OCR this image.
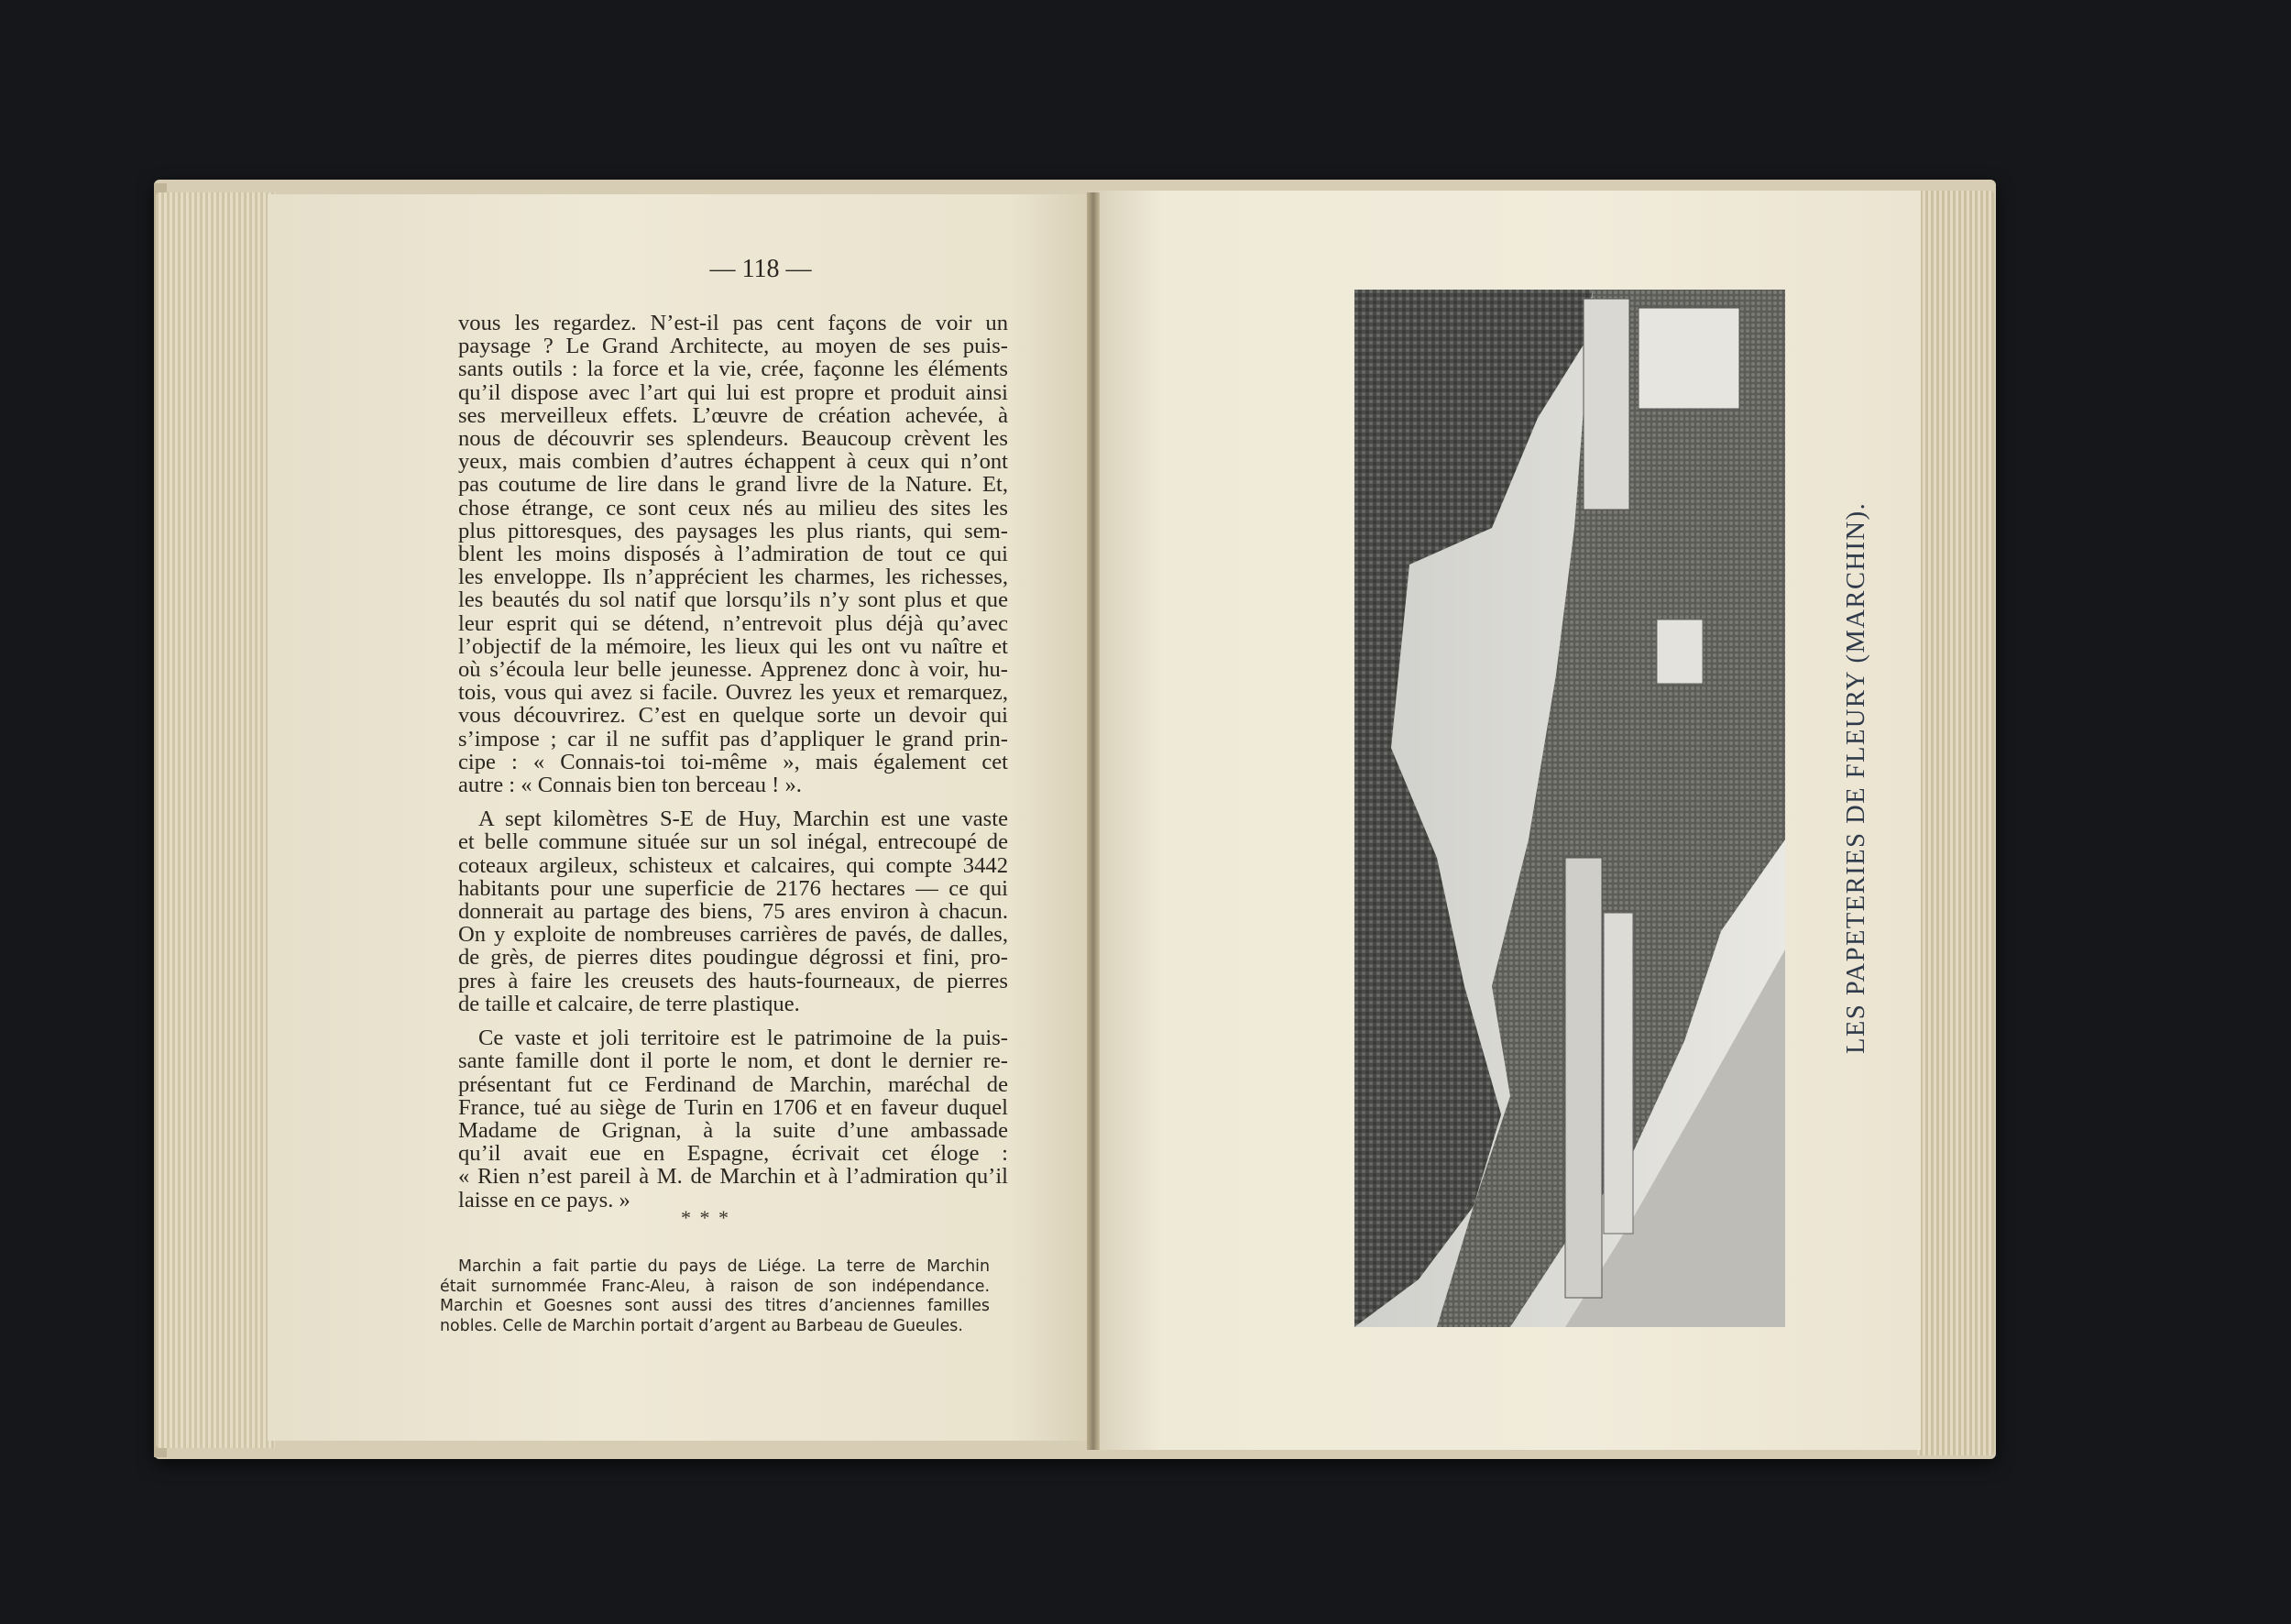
— 118 —
vous les regardez. N’est-il pas cent façons de voir un
paysage ? Le Grand Architecte, au moyen de ses puis-
sants outils : la force et la vie, crée, façonne les éléments
qu’il dispose avec l’art qui lui est propre et produit ainsi
ses merveilleux effets. L’œuvre de création achevée, à
nous de découvrir ses splendeurs. Beaucoup crèvent les
yeux, mais combien d’autres échappent à ceux qui n’ont
pas coutume de lire dans le grand livre de la Nature. Et,
chose étrange, ce sont ceux nés au milieu des sites les
plus pittoresques, des paysages les plus riants, qui sem-
blent les moins disposés à l’admiration de tout ce qui
les enveloppe. Ils n’apprécient les charmes, les richesses,
les beautés du sol natif que lorsqu’ils n’y sont plus et que
leur esprit qui se détend, n’entrevoit plus déjà qu’avec
l’objectif de la mémoire, les lieux qui les ont vu naître et
où s’écoula leur belle jeunesse. Apprenez donc à voir, hu-
tois, vous qui avez si facile. Ouvrez les yeux et remarquez,
vous découvrirez. C’est en quelque sorte un devoir qui
s’impose ; car il ne suffit pas d’appliquer le grand prin-
cipe : « Connais-toi toi-même », mais également cet
autre : « Connais bien ton berceau ! ».
A sept kilomètres S-E de Huy, Marchin est une vaste
et belle commune située sur un sol inégal, entrecoupé de
coteaux argileux, schisteux et calcaires, qui compte 3442
habitants pour une superficie de 2176 hectares — ce qui
donnerait au partage des biens, 75 ares environ à chacun.
On y exploite de nombreuses carrières de pavés, de dalles,
de grès, de pierres dites poudingue dégrossi et fini, pro-
pres à faire les creusets des hauts-fourneaux, de pierres
de taille et calcaire, de terre plastique.
Ce vaste et joli territoire est le patrimoine de la puis-
sante famille dont il porte le nom, et dont le dernier re-
présentant fut ce Ferdinand de Marchin, maréchal de
France, tué au siège de Turin en 1706 et en faveur duquel
Madame de Grignan, à la suite d’une ambassade
qu’il avait eue en Espagne, écrivait cet éloge :
« Rien n’est pareil à M. de Marchin et à l’admiration qu’il
laisse en ce pays. »
* * *
Marchin a fait partie du pays de Liége. La terre de Marchin
était surnommée Franc-Aleu, à raison de son indépendance.
Marchin et Goesnes sont aussi des titres d’anciennes familles
nobles. Celle de Marchin portait d’argent au Barbeau de Gueules.
LES PAPETERIES DE FLEURY (MARCHIN).
